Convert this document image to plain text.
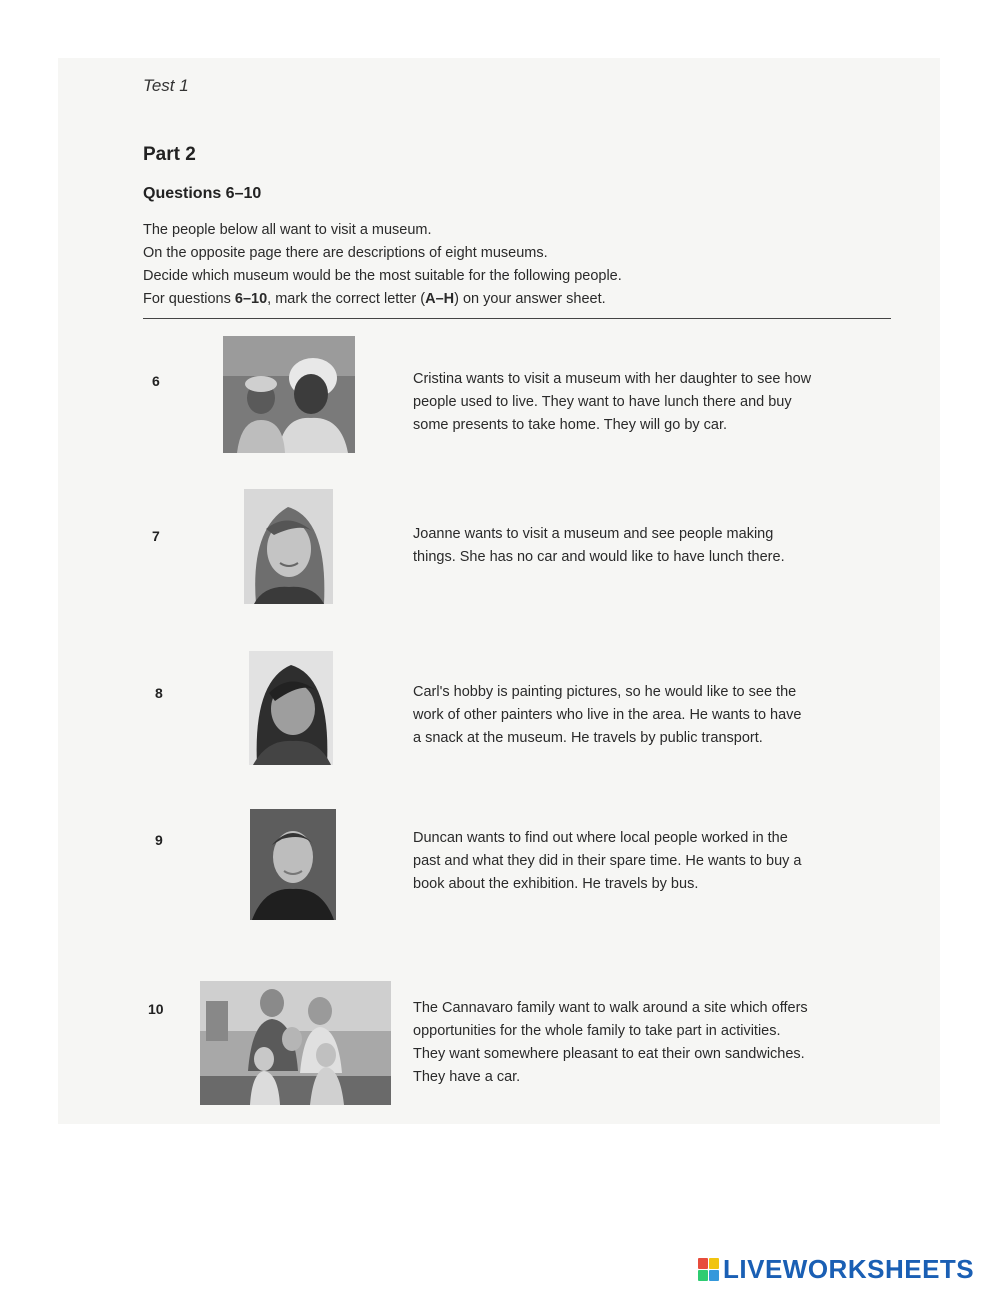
Test 1
Part 2
Questions 6–10
The people below all want to visit a museum.
On the opposite page there are descriptions of eight museums.
Decide which museum would be the most suitable for the following people.
For questions 6–10, mark the correct letter (A–H) on your answer sheet.
6	Cristina wants to visit a museum with her daughter to see how
people used to live. They want to have lunch there and buy
some presents to take home. They will go by car.
7	Joanne wants to visit a museum and see people making
things. She has no car and would like to have lunch there.
8	Carl's hobby is painting pictures, so he would like to see the
work of other painters who live in the area. He wants to have
a snack at the museum. He travels by public transport.
9	Duncan wants to find out where local people worked in the
past and what they did in their spare time. He wants to buy a
book about the exhibition. He travels by bus.
10	The Cannavaro family want to walk around a site which offers
opportunities for the whole family to take part in activities.
They want somewhere pleasant to eat their own sandwiches.
They have a car.
LIVEWORKSHEETS
